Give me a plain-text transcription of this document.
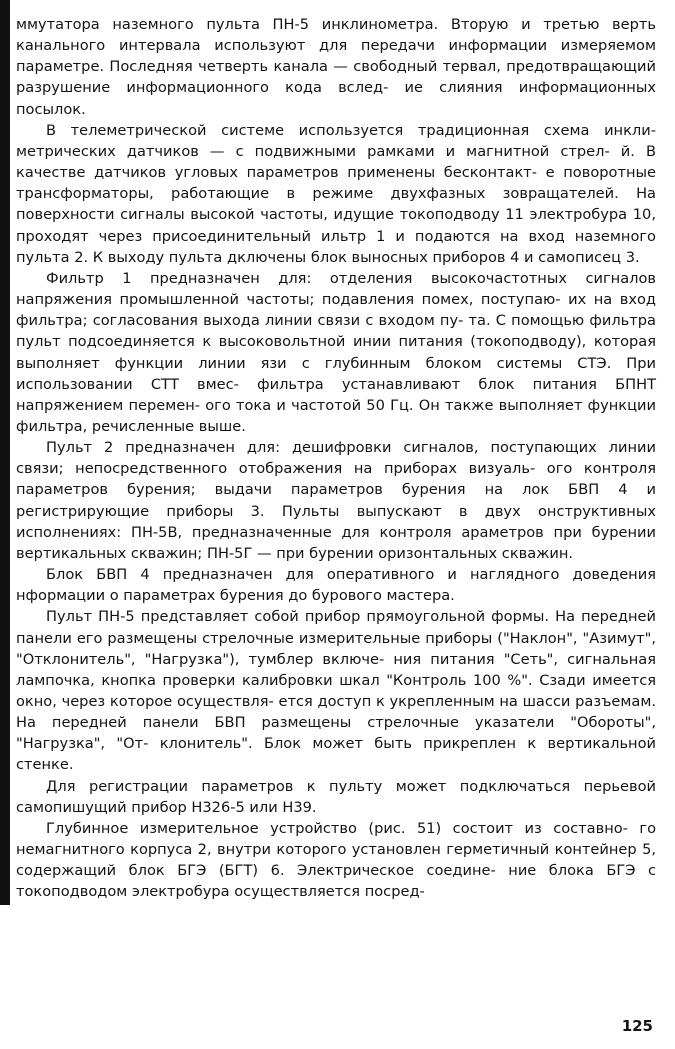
ммутатора наземного пульта ПН-5 инклинометра. Вторую и третью верть канального интервала используют для передачи информации измеряемом параметре. Последняя четверть канала — свободный тервал, предотвращающий разрушение информационного кода вслед- ие слияния информационных посылок.

В телеметрической системе используется традиционная схема инкли- метрических датчиков — с подвижными рамками и магнитной стрел- й. В качестве датчиков угловых параметров применены бесконтакт- е поворотные трансформаторы, работающие в режиме двухфазных зовращателей. На поверхности сигналы высокой частоты, идущие токоподводу 11 электробура 10, проходят через присоединительный ильтр 1 и подаются на вход наземного пульта 2. К выходу пульта дключены блок выносных приборов 4 и самописец 3.

Фильтр 1 предназначен для: отделения высокочастотных сигналов напряжения промышленной частоты; подавления помех, поступаю- их на вход фильтра; согласования выхода линии связи с входом пу- та. С помощью фильтра пульт подсоединяется к высоковольтной инии питания (токоподводу), которая выполняет функции линии язи с глубинным блоком системы СТЭ. При использовании СТТ вмес- фильтра устанавливают блок питания БПНТ напряжением перемен- ого тока и частотой 50 Гц. Он также выполняет функции фильтра, речисленные выше.

Пульт 2 предназначен для: дешифровки сигналов, поступающих линии связи; непосредственного отображения на приборах визуаль- ого контроля параметров бурения; выдачи параметров бурения на лок БВП 4 и регистрирующие приборы 3. Пульты выпускают в двух онструктивных исполнениях: ПН-5В, предназначенные для контроля араметров при бурении вертикальных скважин; ПН-5Г — при бурении оризонтальных скважин.

Блок БВП 4 предназначен для оперативного и наглядного доведения нформации о параметрах бурения до бурового мастера.

Пульт ПН-5 представляет собой прибор прямоугольной формы. На передней панели его размещены стрелочные измерительные приборы ("Наклон", "Азимут", "Отклонитель", "Нагрузка"), тумблер включе- ния питания "Сеть", сигнальная лампочка, кнопка проверки калибровки шкал "Контроль 100 %". Сзади имеется окно, через которое осуществля- ется доступ к укрепленным на шасси разъемам. На передней панели БВП размещены стрелочные указатели "Обороты", "Нагрузка", "От- клонитель". Блок может быть прикреплен к вертикальной стенке.

Для регистрации параметров к пульту может подключаться перьевой самопишущий прибор Н326-5 или Н39.

Глубинное измерительное устройство (рис. 51) состоит из составно- го немагнитного корпуса 2, внутри которого установлен герметичный контейнер 5, содержащий блок БГЭ (БГТ) 6. Электрическое соедине- ние блока БГЭ с токоподводом электробура осуществляется посред-

125
